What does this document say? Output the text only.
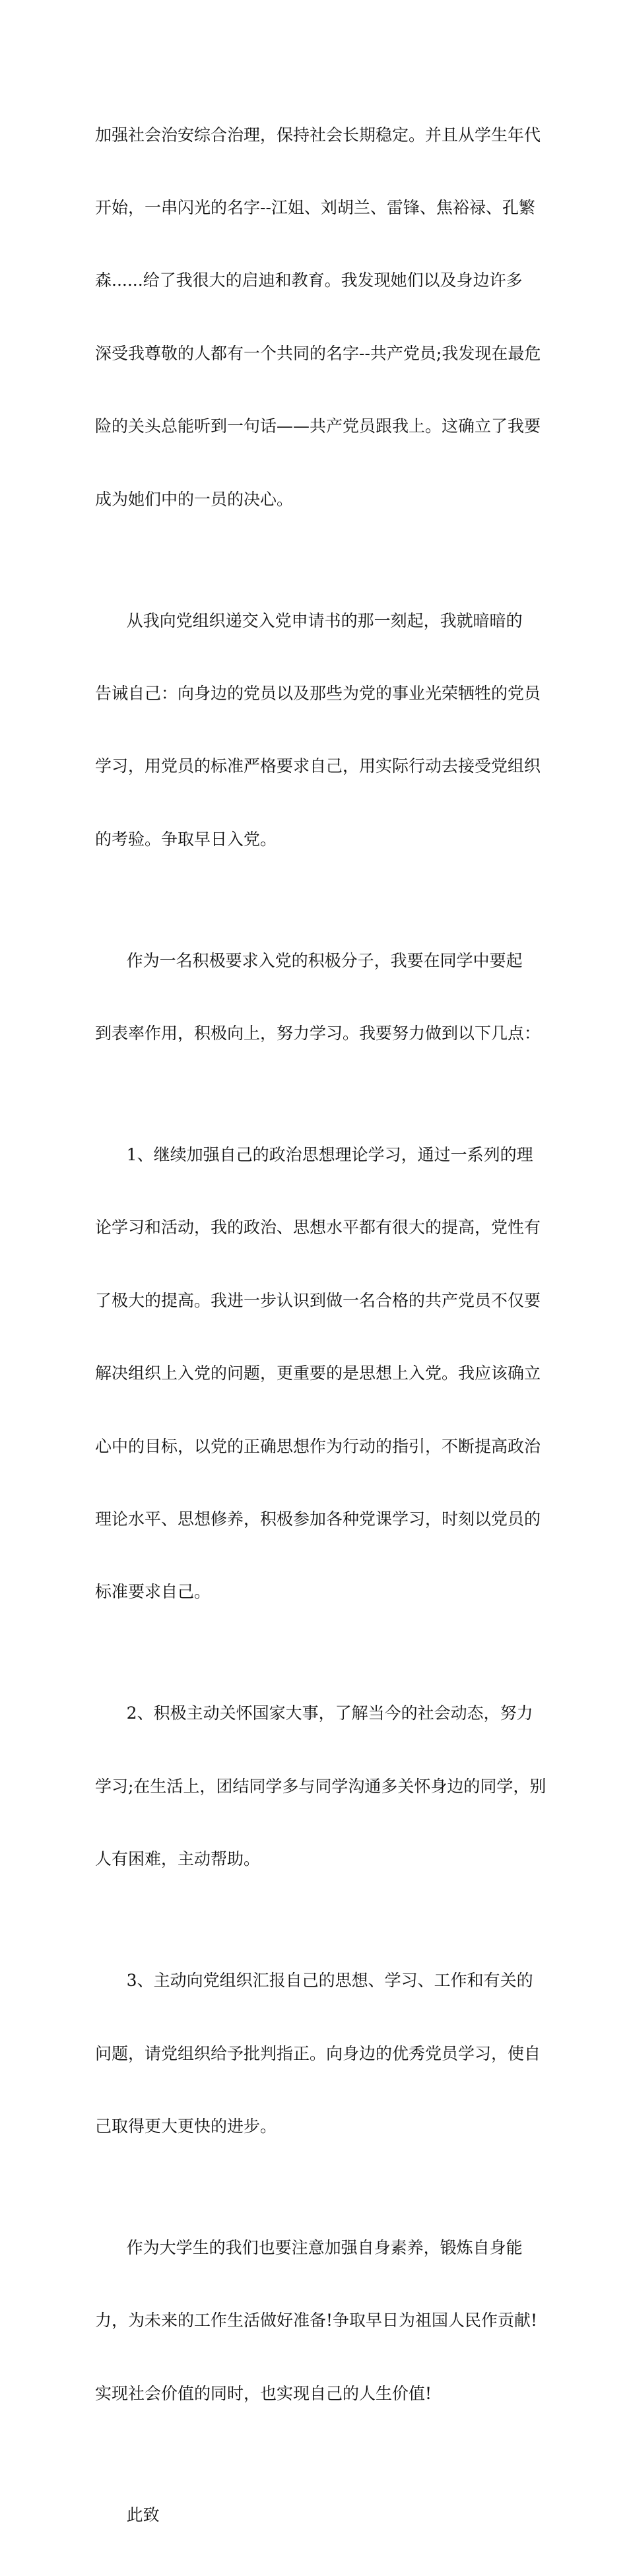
加强社会治安综合治理，保持社会长期稳定。并且从学生年代

开始，一串闪光的名字--江姐、刘胡兰、雷锋、焦裕禄、孔繁

森......给了我很大的启迪和教育。我发现她们以及身边许多

深受我尊敬的人都有一个共同的名字--共产党员;我发现在最危

险的关头总能听到一句话——共产党员跟我上。这确立了我要

成为她们中的一员的决心。

从我向党组织递交入党申请书的那一刻起，我就暗暗的

告诫自己：向身边的党员以及那些为党的事业光荣牺牲的党员

学习，用党员的标准严格要求自己，用实际行动去接受党组织

的考验。争取早日入党。

作为一名积极要求入党的积极分子，我要在同学中要起

到表率作用，积极向上，努力学习。我要努力做到以下几点：

1、继续加强自己的政治思想理论学习，通过一系列的理

论学习和活动，我的政治、思想水平都有很大的提高，党性有

了极大的提高。我进一步认识到做一名合格的共产党员不仅要

解决组织上入党的问题，更重要的是思想上入党。我应该确立

心中的目标，以党的正确思想作为行动的指引，不断提高政治

理论水平、思想修养，积极参加各种党课学习，时刻以党员的

标准要求自己。

2、积极主动关怀国家大事，了解当今的社会动态，努力

学习;在生活上，团结同学多与同学沟通多关怀身边的同学，别

人有困难，主动帮助。

3、主动向党组织汇报自己的思想、学习、工作和有关的

问题，请党组织给予批判指正。向身边的优秀党员学习，使自

己取得更大更快的进步。

作为大学生的我们也要注意加强自身素养，锻炼自身能

力，为未来的工作生活做好准备!争取早日为祖国人民作贡献!

实现社会价值的同时，也实现自己的人生价值!

此致
